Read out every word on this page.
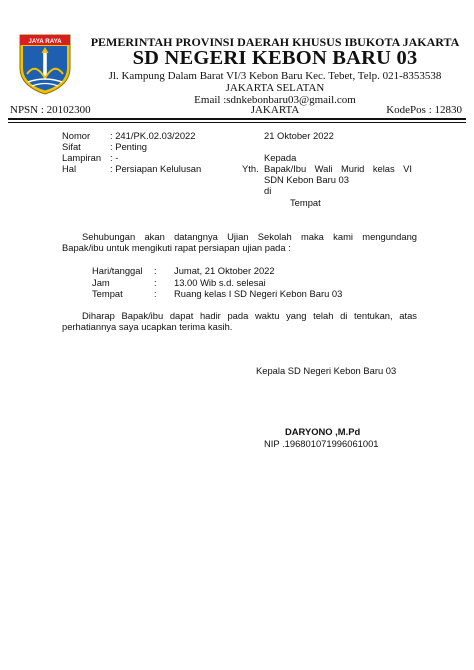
JAYA RAYA PEMERINTAH PROVINSI DAERAH KHUSUS IBUKOTA JAKARTA
SD NEGERI KEBON BARU 03
Jl. Kampung Dalam Barat VI/3 Kebon Baru Kec. Tebet, Telp. 021-8353538
JAKARTA SELATAN
Email :sdnkebonbaru03@gmail.com
NPSN : 20102300	JAKARTA	KodePos : 12830
Nomor : 241/PK.02.03/2022	21 Oktober 2022
Sifat	: Penting
Lampiran : -	Kepada
Hal	: Persiapan Kelulusan	Yth. Bapak/Ibu Wali Murid kelas VI
SDN Kebon Baru 03
di
Tempat
Sehubungan akan datangnya Ujian Sekolah maka kami mengundang
Bapak/ibu untuk mengikuti rapat persiapan ujian pada :
Hari/tanggal : Jumat, 21 Oktober 2022
Jam	: 13.00 Wib s.d. selesai
Tempat	: Ruang kelas I SD Negeri Kebon Baru 03
Diharap Bapak/ibu dapat hadir pada waktu yang telah di tentukan, atas
perhatiannya saya ucapkan terima kasih.
Kepala SD Negeri Kebon Baru 03
DARYONO ,M.Pd
NIP .196801071996061001
